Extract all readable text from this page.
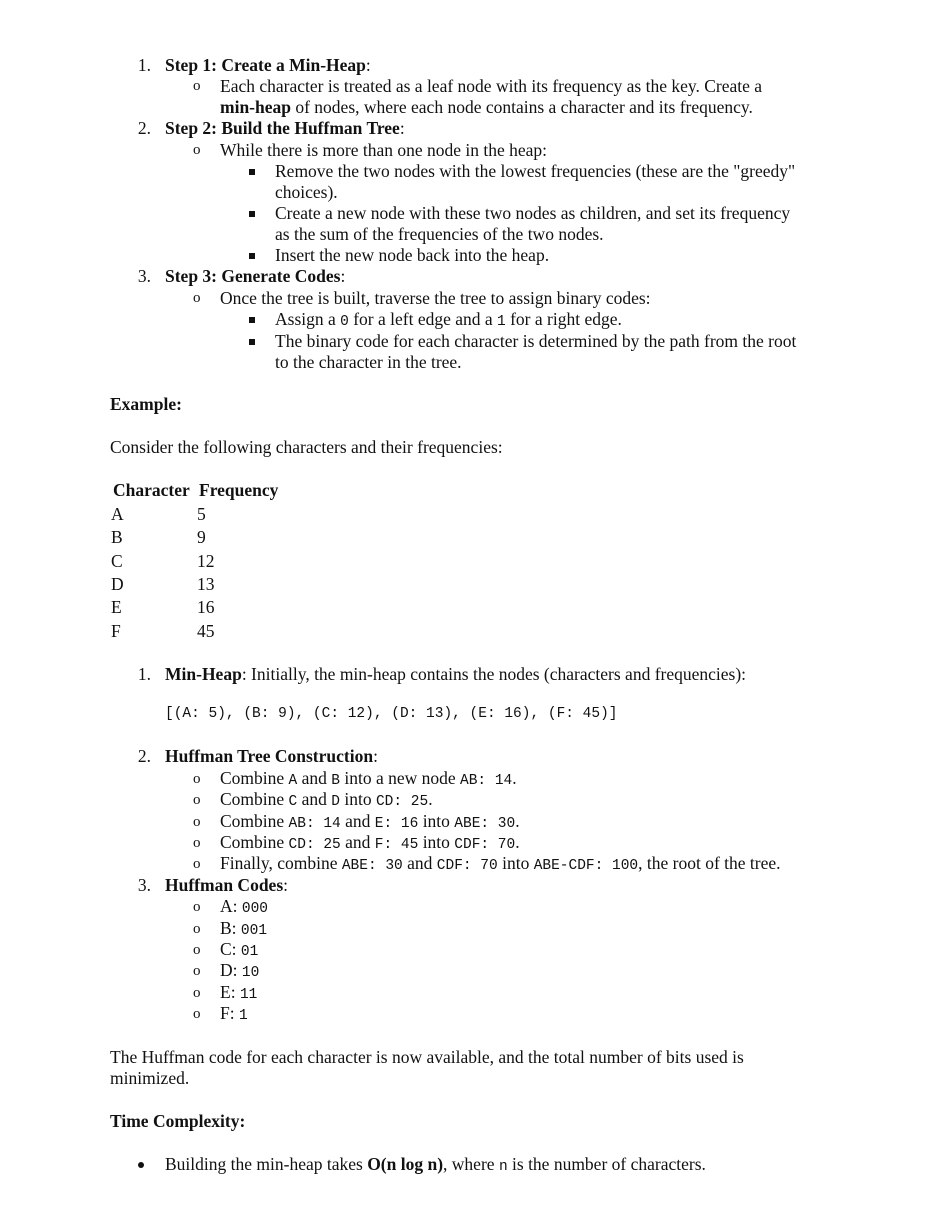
1. Step 1: Create a Min-Heap:
o Each character is treated as a leaf node with its frequency as the key. Create a
min-heap of nodes, where each node contains a character and its frequency.
2. Step 2: Build the Huffman Tree:
o While there is more than one node in the heap:
Remove the two nodes with the lowest frequencies (these are the "greedy"
choices).
Create a new node with these two nodes as children, and set its frequency
as the sum of the frequencies of the two nodes.
Insert the new node back into the heap.
3. Step 3: Generate Codes:
o Once the tree is built, traverse the tree to assign binary codes:
Assign a 0 for a left edge and a 1 for a right edge.
The binary code for each character is determined by the path from the root
to the character in the tree.
Example:
Consider the following characters and their frequencies:
Character Frequency
A	5
B	9
C	12
D	13
E	16
F	45
1. Min-Heap: Initially, the min-heap contains the nodes (characters and frequencies):
[(A: 5), (B: 9), (C: 12), (D: 13), (E: 16), (F: 45)]
2. Huffman Tree Construction:
o Combine A and B into a new node AB: 14.
o Combine C and D into CD: 25.
o Combine AB: 14 and E: 16 into ABE: 30.
o Combine CD: 25 and F: 45 into CDF: 70.
o Finally, combine ABE: 30 and CDF: 70 into ABE-CDF: 100, the root of the tree.
3. Huffman Codes:
o A: 000
o B: 001
o C: 01
o D: 10
o E: 11
o F: 1
The Huffman code for each character is now available, and the total number of bits used is
minimized.
Time Complexity:
Building the min-heap takes O(n log n), where n is the number of characters.
